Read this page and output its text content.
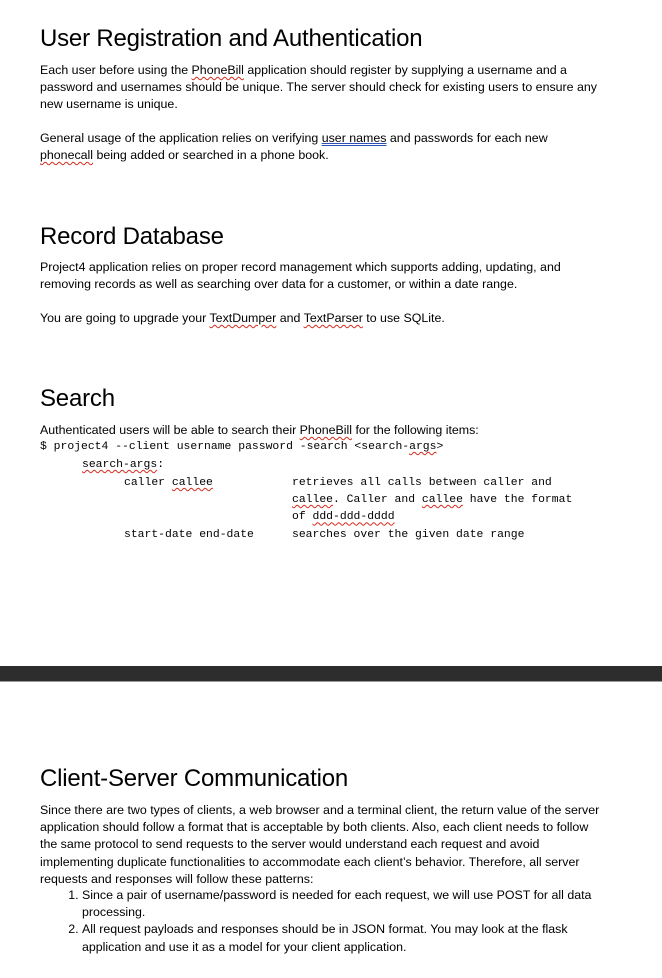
User Registration and Authentication

Each user before using the PhoneBill application should register by supplying a username and a password and usernames should be unique. The server should check for existing users to ensure any new username is unique.

General usage of the application relies on verifying user names and passwords for each new phonecall being added or searched in a phone book.

Record Database

Project4 application relies on proper record management which supports adding, updating, and removing records as well as searching over data for a customer, or within a date range.

You are going to upgrade your TextDumper and TextParser to use SQLite.

Search

Authenticated users will be able to search their PhoneBill for the following items:

$ project4 --client username password -search <search-args>

search-args:

caller callee	retrieves all calls between caller and callee. Caller and callee have the format of ddd-ddd-dddd

start-date end-date	searches over the given date range

Client-Server Communication

Since there are two types of clients, a web browser and a terminal client, the return value of the server application should follow a format that is acceptable by both clients. Also, each client needs to follow the same protocol to send requests to the server would understand each request and avoid implementing duplicate functionalities to accommodate each client’s behavior. Therefore, all server requests and responses will follow these patterns:

1. Since a pair of username/password is needed for each request, we will use POST for all data processing.
2. All request payloads and responses should be in JSON format. You may look at the flask application and use it as a model for your client application.
